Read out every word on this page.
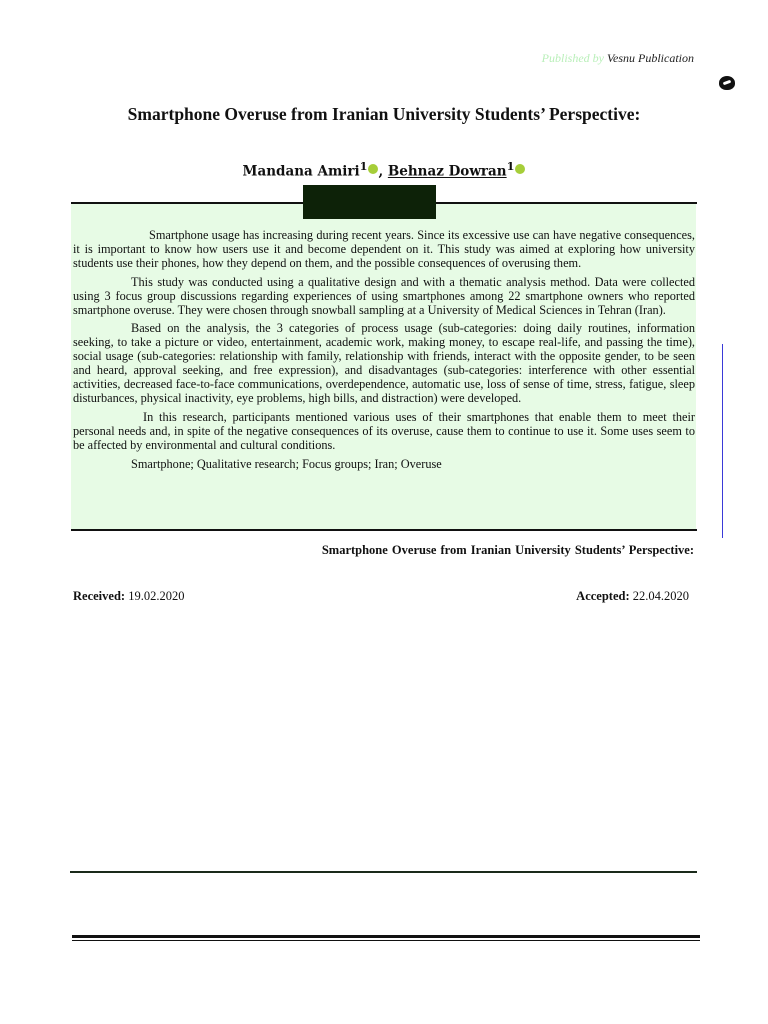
Published by Vesnu Publication
Smartphone Overuse from Iranian University Students’ Perspective:
Mandana Amiri$^1$ , Behnaz Dowran$^1$

Smartphone usage has increasing during recent years. Since its excessive use can have negative consequences, it is important to know how users use it and become dependent on it. This study was aimed at exploring how university students use their phones, how they depend on them, and the possible consequences of overusing them.

This study was conducted using a qualitative design and with a thematic analysis method. Data were collected using 3 focus group discussions regarding experiences of using smartphones among 22 smartphone owners who reported smartphone overuse. They were chosen through snowball sampling at a University of Medical Sciences in Tehran (Iran).

Based on the analysis, the 3 categories of process usage (sub-categories: doing daily routines, information seeking, to take a picture or video, entertainment, academic work, making money, to escape real-life, and passing the time), social usage (sub-categories: relationship with family, relationship with friends, interact with the opposite gender, to be seen and heard, approval seeking, and free expression), and disadvantages (sub-categories: interference with other essential activities, decreased face-to-face communications, overdependence, automatic use, loss of sense of time, stress, fatigue, sleep disturbances, physical inactivity, eye problems, high bills, and distraction) were developed.

In this research, participants mentioned various uses of their smartphones that enable them to meet their personal needs and, in spite of the negative consequences of its overuse, cause them to continue to use it. Some uses seem to be affected by environmental and cultural conditions.

Smartphone; Qualitative research; Focus groups; Iran; Overuse

Smartphone Overuse from Iranian University Students’ Perspective:
Received: 19.02.2020	Accepted: 22.04.2020
